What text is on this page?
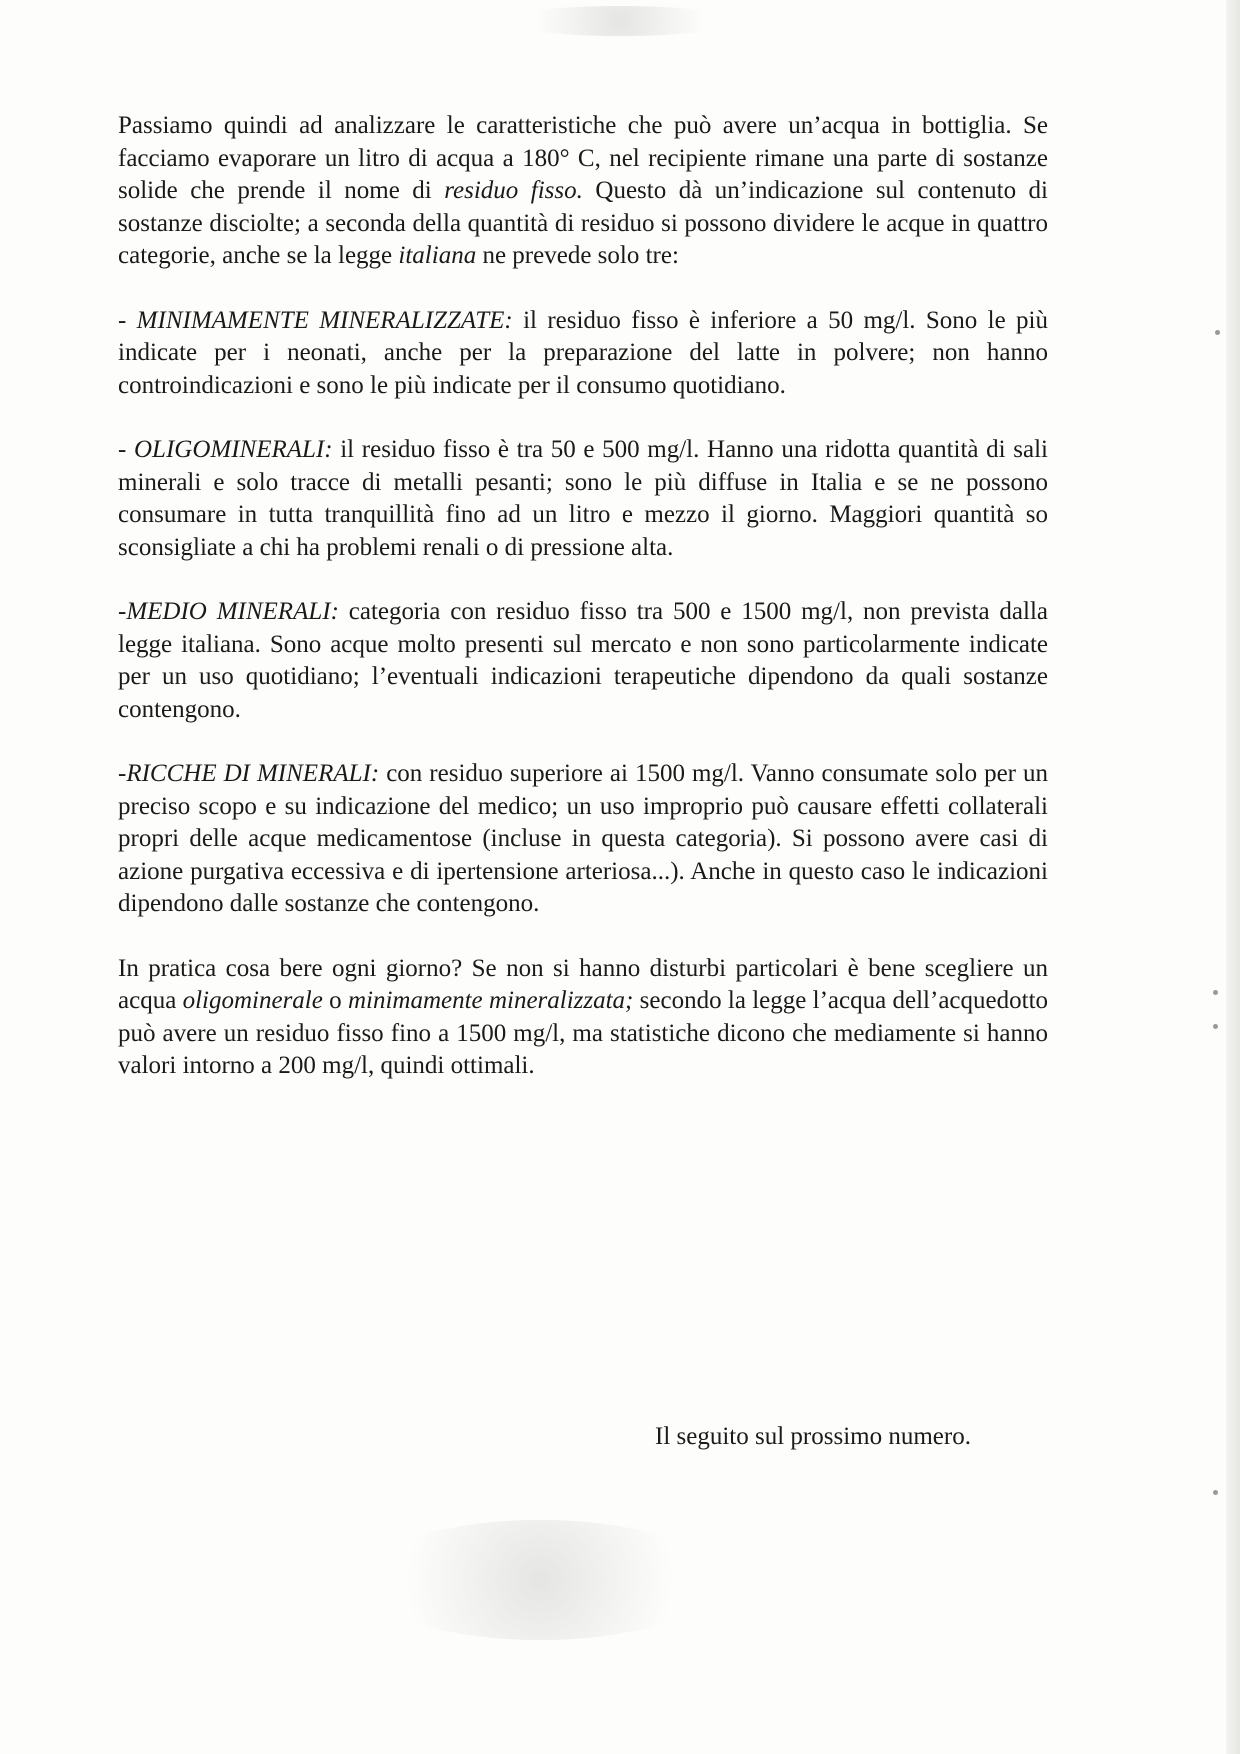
Passiamo quindi ad analizzare le caratteristiche che può avere un’acqua in bottiglia. Se facciamo evaporare un litro di acqua a 180° C, nel recipiente rimane una parte di sostanze solide che prende il nome di residuo fisso. Questo dà un’indicazione sul contenuto di sostanze disciolte; a seconda della quantità di residuo si possono dividere le acque in quattro categorie, anche se la legge italiana ne prevede solo tre:

- MINIMAMENTE MINERALIZZATE: il residuo fisso è inferiore a 50 mg/l. Sono le più indicate per i neonati, anche per la preparazione del latte in polvere; non hanno controindicazioni e sono le più indicate per il consumo quotidiano.

- OLIGOMINERALI: il residuo fisso è tra 50 e 500 mg/l. Hanno una ridotta quantità di sali minerali e solo tracce di metalli pesanti; sono le più diffuse in Italia e se ne possono consumare in tutta tranquillità fino ad un litro e mezzo il giorno. Maggiori quantità so sconsigliate a chi ha problemi renali o di pressione alta.

-MEDIO MINERALI: categoria con residuo fisso tra 500 e 1500 mg/l, non prevista dalla legge italiana. Sono acque molto presenti sul mercato e non sono particolarmente indicate per un uso quotidiano; l’eventuali indicazioni terapeutiche dipendono da quali sostanze contengono.

-RICCHE DI MINERALI: con residuo superiore ai 1500 mg/l. Vanno consumate solo per un preciso scopo e su indicazione del medico; un uso improprio può causare effetti collaterali propri delle acque medicamentose (incluse in questa categoria). Si possono avere casi di azione purgativa eccessiva e di ipertensione arteriosa...). Anche in questo caso le indicazioni dipendono dalle sostanze che contengono.

In pratica cosa bere ogni giorno? Se non si hanno disturbi particolari è bene scegliere un acqua oligominerale o minimamente mineralizzata; secondo la legge l’acqua dell’acquedotto può avere un residuo fisso fino a 1500 mg/l, ma statistiche dicono che mediamente si hanno valori intorno a 200 mg/l, quindi ottimali.

Il seguito sul prossimo numero.
